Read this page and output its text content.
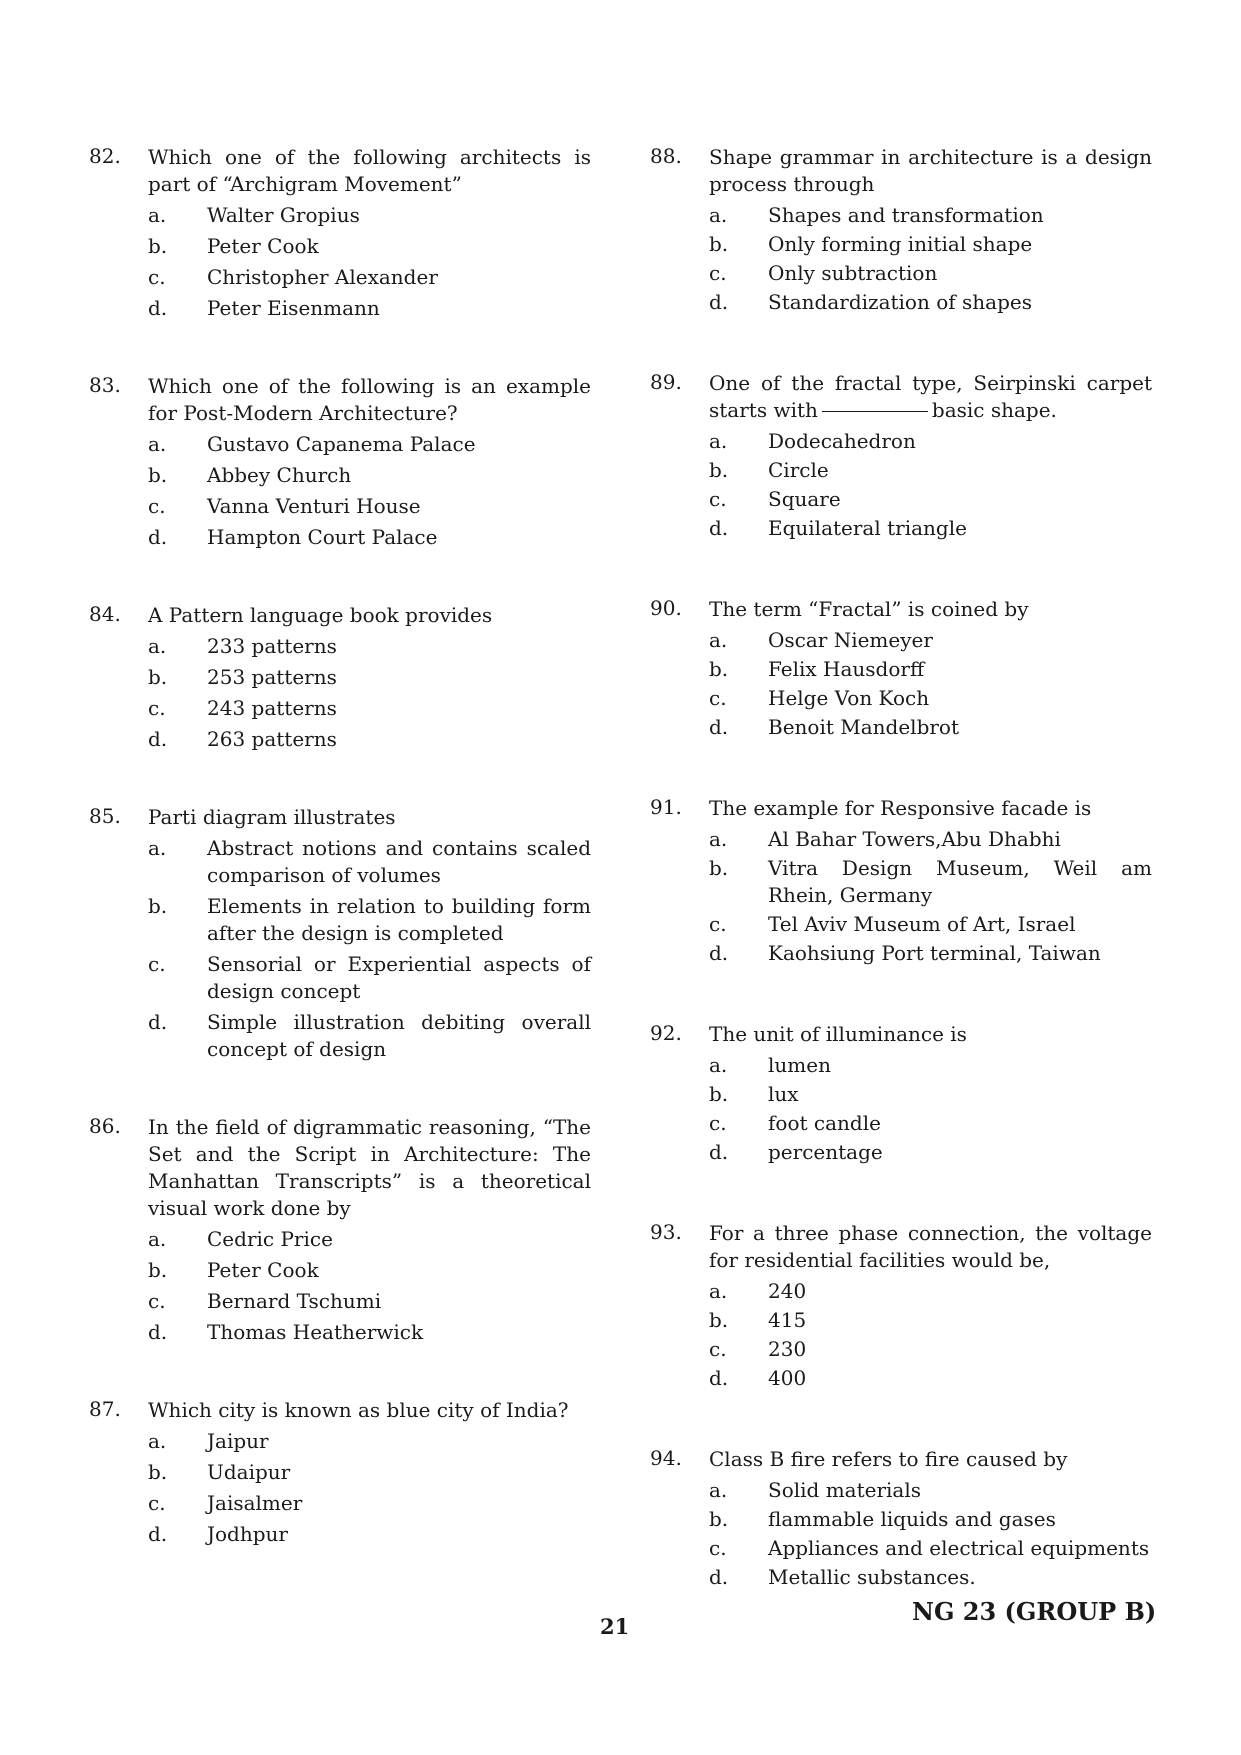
82.	Which one of the following architects is part of “Archigram Movement”
a.	Walter Gropius
b.	Peter Cook
c.	Christopher Alexander
d.	Peter Eisenmann
83.	Which one of the following is an example for Post-Modern Architecture?
a.	Gustavo Capanema Palace
b.	Abbey Church
c.	Vanna Venturi House
d.	Hampton Court Palace
84.	A Pattern language book provides
a.	233 patterns
b.	253 patterns
c.	243 patterns
d.	263 patterns
85.	Parti diagram illustrates
a.	Abstract notions and contains scaled comparison of volumes
b.	Elements in relation to building form after the design is completed
c.	Sensorial or Experiential aspects of design concept
d.	Simple illustration debiting overall concept of design
86.	In the field of digrammatic reasoning, “The Set and the Script in Architecture: The Manhattan Transcripts” is a theoretical visual work done by
a.	Cedric Price
b.	Peter Cook
c.	Bernard Tschumi
d.	Thomas Heatherwick
87.	Which city is known as blue city of India?
a.	Jaipur
b.	Udaipur
c.	Jaisalmer
d.	Jodhpur
88.	Shape grammar in architecture is a design process through
a.	Shapes and transformation
b.	Only forming initial shape
c.	Only subtraction
d.	Standardization of shapes
89.	One of the fractal type, Seirpinski carpet starts with	basic shape.
a.	Dodecahedron
b.	Circle
c.	Square
d.	Equilateral triangle
90.	The term “Fractal” is coined by
a.	Oscar Niemeyer
b.	Felix Hausdorff
c.	Helge Von Koch
d.	Benoit Mandelbrot
91.	The example for Responsive facade is
a.	Al Bahar Towers,Abu Dhabhi
b.	Vitra Design Museum, Weil am Rhein, Germany
c.	Tel Aviv Museum of Art, Israel
d.	Kaohsiung Port terminal, Taiwan
92.	The unit of illuminance is
a.	lumen
b.	lux
c.	foot candle
d.	percentage
93.	For a three phase connection, the voltage for residential facilities would be,
a.	240
b.	415
c.	230
d.	400
94.	Class B fire refers to fire caused by
a.	Solid materials
b.	flammable liquids and gases
c.	Appliances and electrical equipments
d.	Metallic substances.
21
NG 23 (GROUP B)
